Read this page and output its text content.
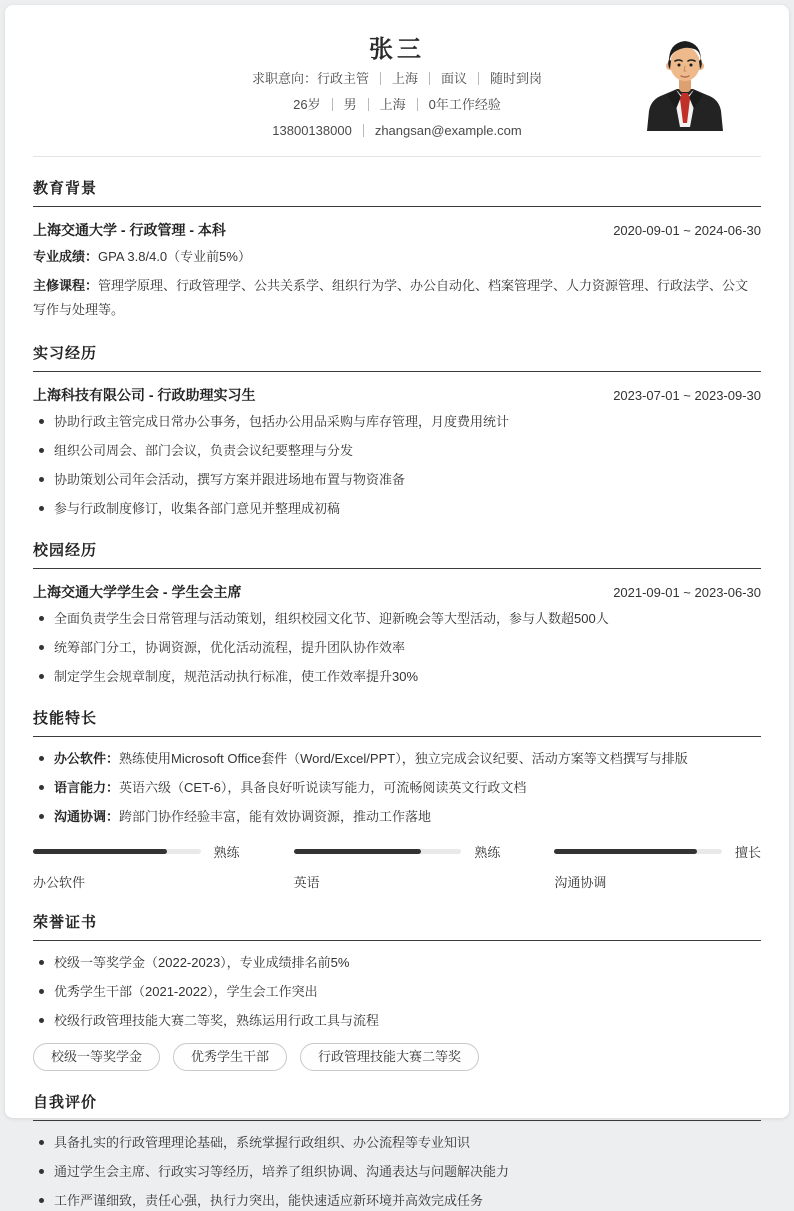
张三
求职意向：行政主管	上海	面议	随时到岗
26岁	男	上海	0年工作经验
13800138000	zhangsan@example.com
教育背景
上海交通大学 - 行政管理 - 本科	2020-09-01 ~ 2024-06-30
专业成绩：GPA 3.8/4.0（专业前5%）
主修课程：管理学原理、行政管理学、公共关系学、组织行为学、办公自动化、档案管理学、人力资源管理、行政法学、公文写作与处理等。
实习经历
上海科技有限公司 - 行政助理实习生	2023-07-01 ~ 2023-09-30
协助行政主管完成日常办公事务，包括办公用品采购与库存管理，月度费用统计
组织公司周会、部门会议，负责会议纪要整理与分发
协助策划公司年会活动，撰写方案并跟进场地布置与物资准备
参与行政制度修订，收集各部门意见并整理成初稿
校园经历
上海交通大学学生会 - 学生会主席	2021-09-01 ~ 2023-06-30
全面负责学生会日常管理与活动策划，组织校园文化节、迎新晚会等大型活动，参与人数超500人
统筹部门分工，协调资源，优化活动流程，提升团队协作效率
制定学生会规章制度，规范活动执行标准，使工作效率提升30%
技能特长
办公软件：熟练使用Microsoft Office套件（Word/Excel/PPT），独立完成会议纪要、活动方案等文档撰写与排版
语言能力：英语六级（CET-6），具备良好听说读写能力，可流畅阅读英文行政文档
沟通协调：跨部门协作经验丰富，能有效协调资源，推动工作落地
熟练
办公软件
熟练
英语
擅长
沟通协调
荣誉证书
校级一等奖学金（2022-2023），专业成绩排名前5%
优秀学生干部（2021-2022），学生会工作突出
校级行政管理技能大赛二等奖，熟练运用行政工具与流程
校级一等奖学金	优秀学生干部	行政管理技能大赛二等奖
自我评价
具备扎实的行政管理理论基础，系统掌握行政组织、办公流程等专业知识
通过学生会主席、行政实习等经历，培养了组织协调、沟通表达与问题解决能力
工作严谨细致，责任心强，执行力突出，能快速适应新环境并高效完成任务
